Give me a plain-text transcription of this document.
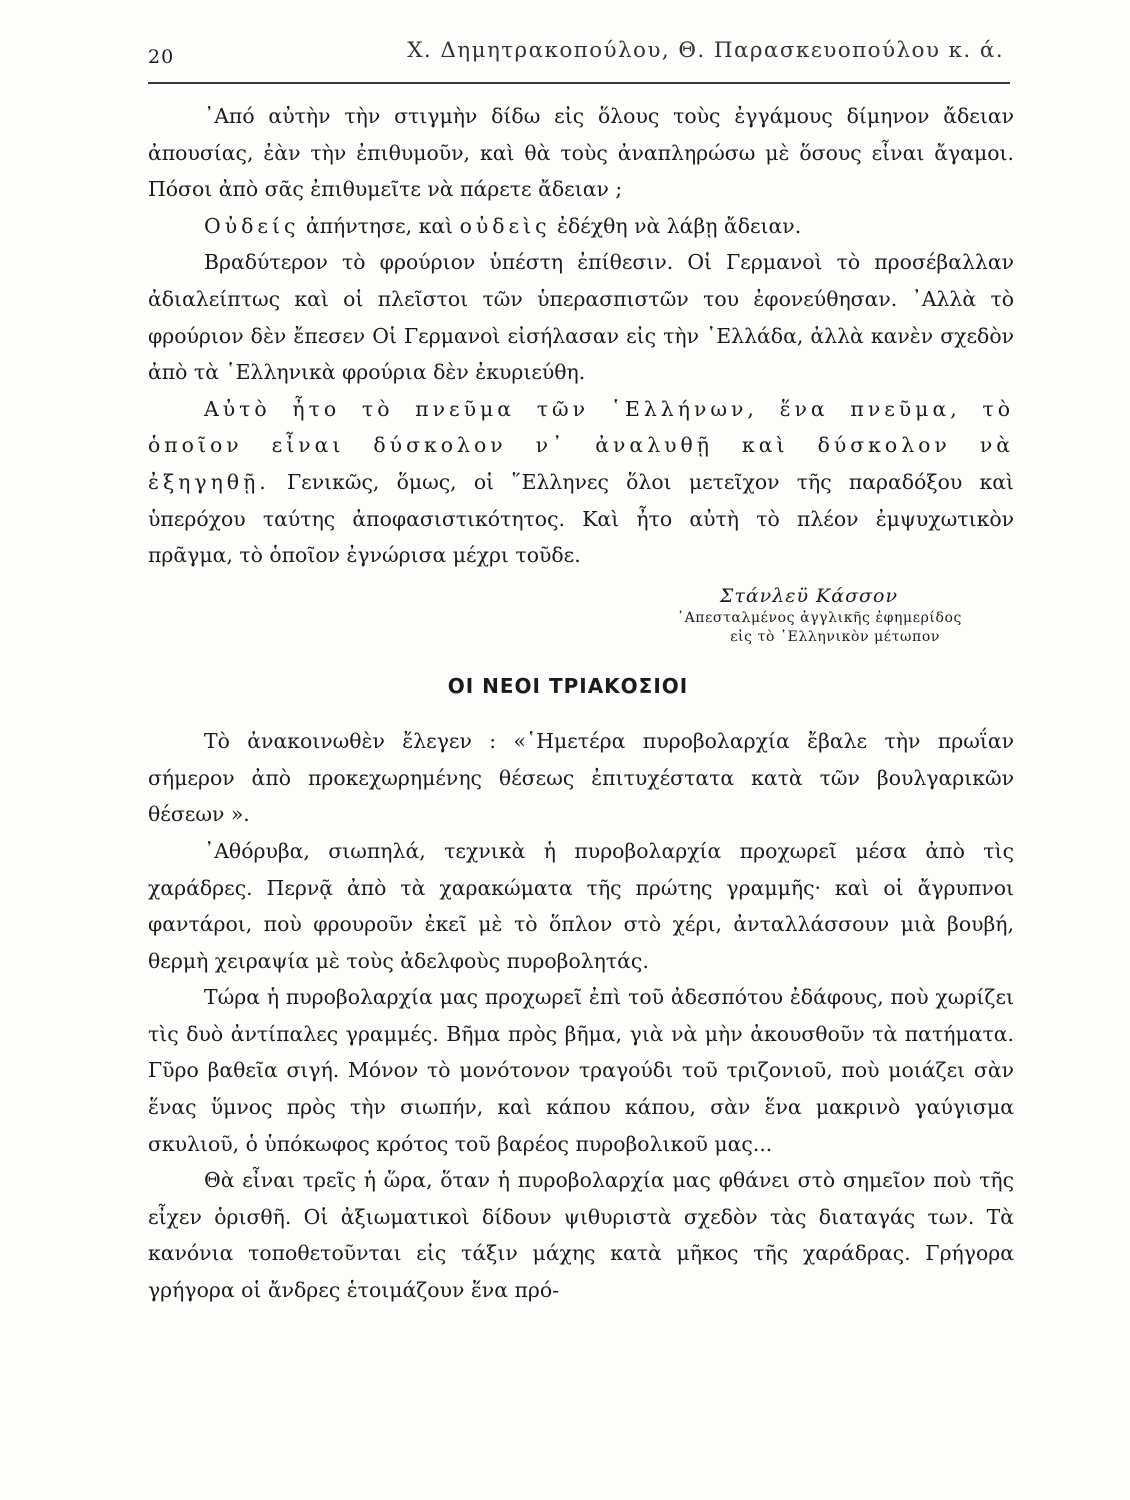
20	Χ. Δημητρακοπούλου, Θ. Παρασκευοπούλου κ. ά.

᾿Από αὐτὴν τὴν στιγμὴν δίδω εἰς ὅλους τοὺς ἐγγάμους δίμηνον ἄδειαν ἀπουσίας, ἐὰν τὴν ἐπιθυμοῦν, καὶ θὰ τοὺς ἀναπληρώσω μὲ ὅσους εἶναι ἄγαμοι. Πόσοι ἀπὸ σᾶς ἐπιθυμεῖτε νὰ πάρετε ἄδειαν ;

Οὐδείς ἀπήντησε, καὶ οὐδεὶς ἐδέχθη νὰ λάβῃ ἄδειαν.

Βραδύτερον τὸ φρούριον ὑπέστη ἐπίθεσιν. Οἱ Γερμανοὶ τὸ προσέβαλλαν ἀδιαλείπτως καὶ οἱ πλεῖστοι τῶν ὑπερασπιστῶν του ἐφονεύθησαν. ᾿Αλλὰ τὸ φρούριον δὲν ἔπεσεν Οἱ Γερμανοὶ εἰσήλασαν εἰς τὴν ῾Ελλάδα, ἀλλὰ κανὲν σχεδὸν ἀπὸ τὰ ῾Ελληνικὰ φρούρια δὲν ἐκυριεύθη.

Αὐτὸ ἦτο τὸ πνεῦμα τῶν ῾Ελλήνων, ἕνα πνεῦμα, τὸ ὁποῖον εἶναι δύσκολον ν᾿ ἀναλυθῇ καὶ δύσκολον νὰ ἐξηγηθῇ. Γενικῶς, ὅμως, οἱ ῞Ελληνες ὅλοι μετεῖχον τῆς παραδόξου καὶ ὑπερόχου ταύτης ἀποφασιστικότητος. Καὶ ἦτο αὐτὴ τὸ πλέον ἐμψυχωτικὸν πρᾶγμα, τὸ ὁποῖον ἐγνώρισα μέχρι τοῦδε.

Στάνλεϋ Κάσσον
᾿Απεσταλμένος ἀγγλικῆς ἐφημερίδος
εἰς τὸ ῾Ελληνικὸν μέτωπον
ΟΙ ΝΕΟΙ ΤΡΙΑΚΟΣΙΟΙ

Τὸ ἀνακοινωθὲν ἔλεγεν : «῾Ημετέρα πυροβολαρχία ἔβαλε τὴν πρωΐαν σήμερον ἀπὸ προκεχωρημένης θέσεως ἐπιτυχέστατα κατὰ τῶν βουλγαρικῶν θέσεων ».

᾿Αθόρυβα, σιωπηλά, τεχνικὰ ἡ πυροβολαρχία προχωρεῖ μέσα ἀπὸ τὶς χαράδρες. Περνᾷ ἀπὸ τὰ χαρακώματα τῆς πρώτης γραμμῆς· καὶ οἱ ἄγρυπνοι φαντάροι, ποὺ φρουροῦν ἐκεῖ μὲ τὸ ὅπλον στὸ χέρι, ἀνταλλάσσουν μιὰ βουβή, θερμὴ χειραψία μὲ τοὺς ἀδελφοὺς πυροβολητάς.

Τώρα ἡ πυροβολαρχία μας προχωρεῖ ἐπὶ τοῦ ἀδεσπότου ἐδάφους, ποὺ χωρίζει τὶς δυὸ ἀντίπαλες γραμμές. Βῆμα πρὸς βῆμα, γιὰ νὰ μὴν ἀκουσθοῦν τὰ πατήματα. Γῦρο βαθεῖα σιγή. Μόνον τὸ μονότονον τραγούδι τοῦ τριζονιοῦ, ποὺ μοιάζει σὰν ἕνας ὕμνος πρὸς τὴν σιωπήν, καὶ κάπου κάπου, σὰν ἕνα μακρινὸ γαύγισμα σκυλιοῦ, ὁ ὑπόκωφος κρότος τοῦ βαρέος πυροβολικοῦ μας...

Θὰ εἶναι τρεῖς ἡ ὥρα, ὅταν ἡ πυροβολαρχία μας φθάνει στὸ σημεῖον ποὺ τῆς εἶχεν ὁρισθῆ. Οἱ ἀξιωματικοὶ δίδουν ψιθυριστὰ σχεδὸν τὰς διαταγάς των. Τὰ κανόνια τοποθετοῦνται εἰς τάξιν μάχης κατὰ μῆκος τῆς χαράδρας. Γρήγορα γρήγορα οἱ ἄνδρες ἑτοιμάζουν ἕνα πρό-
